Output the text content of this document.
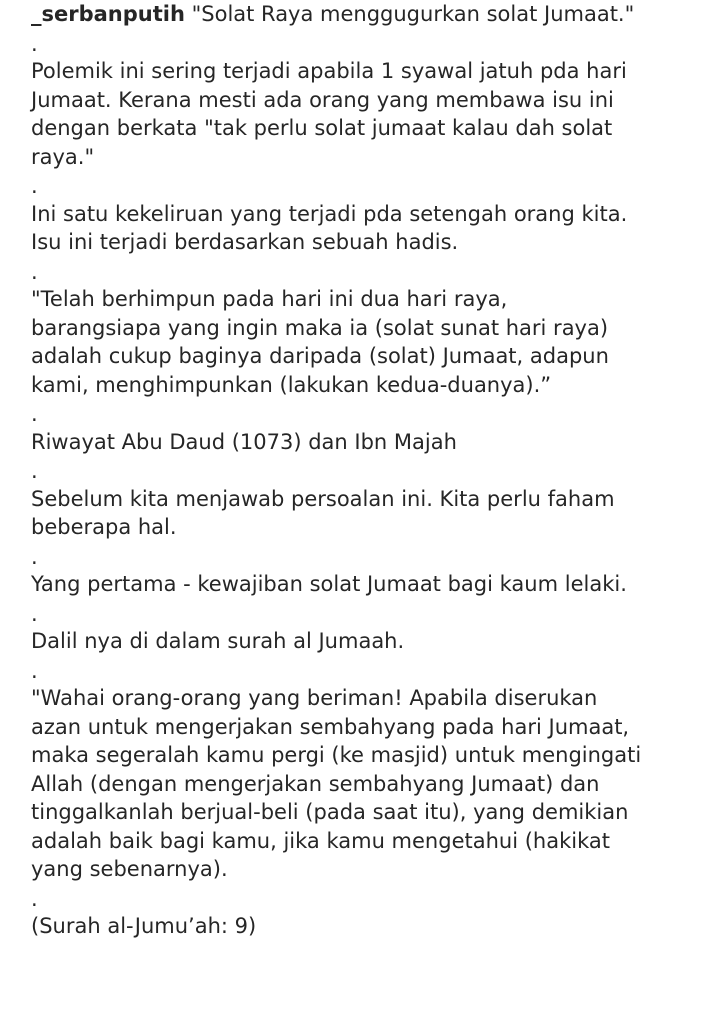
_serbanputih "Solat Raya menggugurkan solat Jumaat."
.
Polemik ini sering terjadi apabila 1 syawal jatuh pda hari
Jumaat. Kerana mesti ada orang yang membawa isu ini
dengan berkata "tak perlu solat jumaat kalau dah solat
raya."
.
Ini satu kekeliruan yang terjadi pda setengah orang kita.
Isu ini terjadi berdasarkan sebuah hadis.
.
"Telah berhimpun pada hari ini dua hari raya,
barangsiapa yang ingin maka ia (solat sunat hari raya)
adalah cukup baginya daripada (solat) Jumaat, adapun
kami, menghimpunkan (lakukan kedua-duanya).”
.
Riwayat Abu Daud (1073) dan Ibn Majah
.
Sebelum kita menjawab persoalan ini. Kita perlu faham
beberapa hal.
.
Yang pertama - kewajiban solat Jumaat bagi kaum lelaki.
.
Dalil nya di dalam surah al Jumaah.
.
"Wahai orang-orang yang beriman! Apabila diserukan
azan untuk mengerjakan sembahyang pada hari Jumaat,
maka segeralah kamu pergi (ke masjid) untuk mengingati
Allah (dengan mengerjakan sembahyang Jumaat) dan
tinggalkanlah berjual-beli (pada saat itu), yang demikian
adalah baik bagi kamu, jika kamu mengetahui (hakikat
yang sebenarnya).
.
(Surah al-Jumu’ah: 9)
